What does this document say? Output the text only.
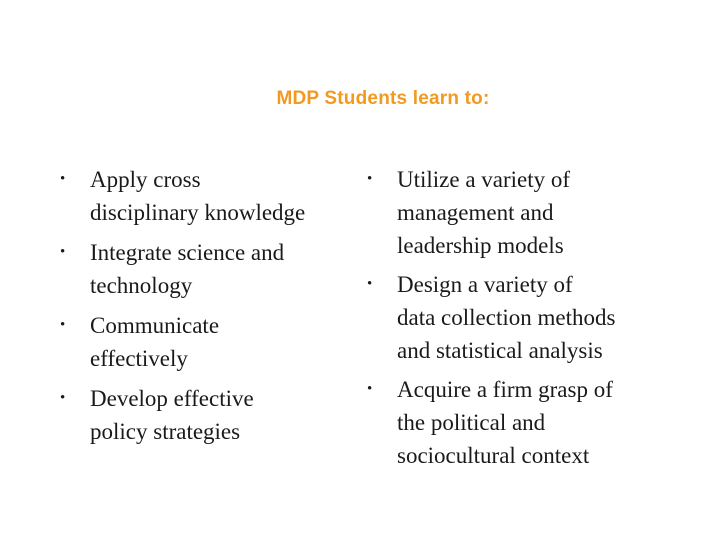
MDP Students learn to:
• Apply cross
disciplinary knowledge
• Integrate science and
technology
• Communicate
effectively
• Develop effective
policy strategies
• Utilize a variety of
management and
leadership models
• Design a variety of
data collection methods
and statistical analysis
• Acquire a firm grasp of
the political and
sociocultural context
